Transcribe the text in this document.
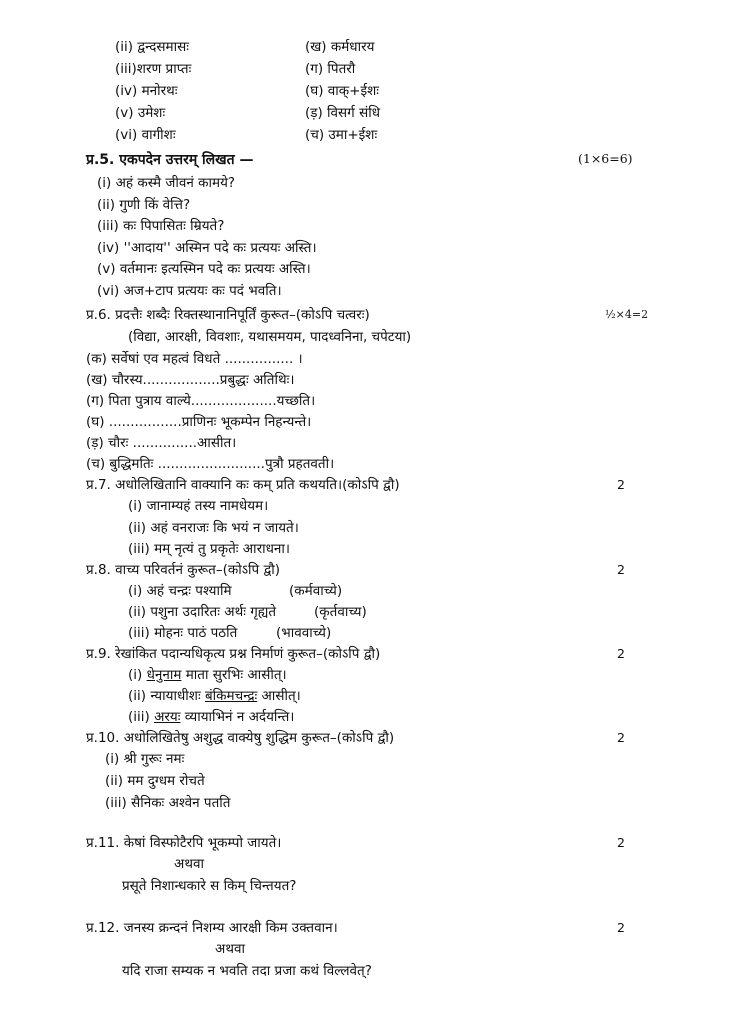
(ii) द्वन्दसमासः	(ख) कर्मधारय
(iii)शरण प्राप्तः	(ग) पितरौ
(iv) मनोरथः	(घ) वाक्+ईशः
(v) उमेशः	(ड़) विसर्ग संधि
(vi) वागीशः	(च) उमा+ईशः
प्र.5. एकपदेन उत्तरम् लिखत —	(1×6=6)
(i) अहं कस्मै जीवनं कामये?
(ii) गुणी किं वेत्ति?
(iii) कः पिपासितः म्रियते?
(iv) ''आदाय'' अस्मिन पदे कः प्रत्ययः अस्ति।
(v) वर्तमानः इत्यस्मिन पदे कः प्रत्ययः अस्ति।
(vi) अज+टाप प्रत्ययः कः पदं भवति।
प्र.6. प्रदत्तैः शब्दैः रिक्तस्थानानिपूर्तिं कुरूत–(कोऽपि चत्वरः)	½×4=2
(विद्या, आरक्षी, विवशाः, यथासमयम, पादध्वनिना, चपेटया)
(क) सर्वेषां एव महत्वं विधते ................ ।
(ख) चौरस्य..................प्रबुद्धः अतिथिः।
(ग) पिता पुत्राय वाल्ये....................यच्छति।
(घ) .................प्राणिनः भूकम्पेन निहन्यन्ते।
(ड़) चौरः ...............आसीत।
(च) बुद्धिमतिः .........................पुत्रौ प्रहतवती।
प्र.7. अधोलिखितानि वाक्यानि कः कम् प्रति कथयति।(कोऽपि द्वौ)	2
(i) जानाम्यहं तस्य नामधेयम।
(ii) अहं वनराजः कि भयं न जायते।
(iii) मम् नृत्यं तु प्रकृतेः आराधना।
प्र.8. वाच्य परिवर्तनं कुरूत–(कोऽपि द्वौ)	2
(i) अहं चन्द्रः पश्यामि	(कर्मवाच्ये)
(ii) पशुना उदारितः अर्थः गृह्यते	(कृर्तवाच्य)
(iii) मोहनः पाठं पठति	(भाववाच्ये)
प्र.9. रेखांकित पदान्यधिकृत्य प्रश्न निर्माणं कुरूत–(कोऽपि द्वौ)	2
(i) धेनुनाम माता सुरभिः आसीत्।
(ii) न्यायाधीशः बंकिमचन्द्रः आसीत्।
(iii) अरयः व्यायाभिनं न अर्दयन्ति।
प्र.10. अधोलिखितेषु अशुद्ध वाक्येषु शुद्धिम कुरूत–(कोऽपि द्वौ)	2
(i) श्री गुरूः नमः
(ii) मम दुग्धम रोचते
(iii) सैनिकः अश्वेन पतति
प्र.11. केषां विस्फोटैरपि भूकम्पो जायते।	2
अथवा
प्रसूते निशान्धकारे स किम् चिन्तयत?
प्र.12. जनस्य क्रन्दनं निशम्य आरक्षी किम उक्तवान।	2
अथवा
यदि राजा सम्यक न भवति तदा प्रजा कथं विल्लवेत्?
